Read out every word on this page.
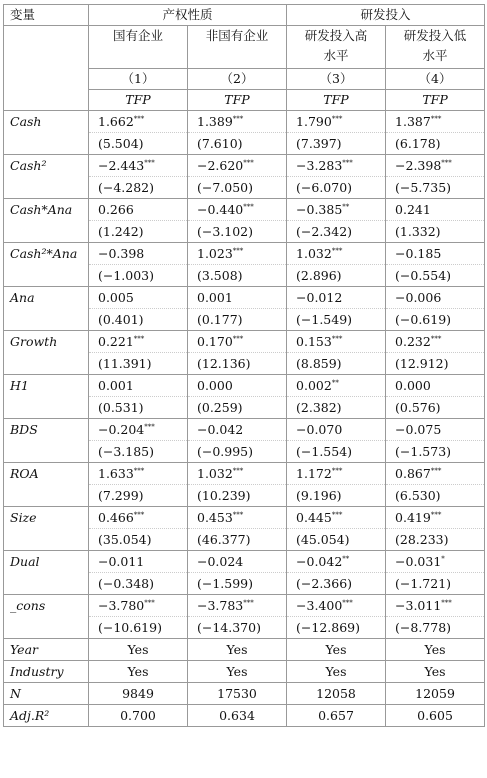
变量	产权性质		研发投入	
	国有企业	非国有企业	研发投入高水平	研发投入低水平
	（1）	（2）	（3）	（4）
	TFP	TFP	TFP	TFP
Cash	1.662***	1.389***	1.790***	1.387***
	(5.504)	(7.610)	(7.397)	(6.178)
Cash²	−2.443***	−2.620***	−3.283***	−2.398***
	(−4.282)	(−7.050)	(−6.070)	(−5.735)
Cash*Ana	0.266	−0.440***	−0.385**	0.241
	(1.242)	(−3.102)	(−2.342)	(1.332)
Cash²*Ana	−0.398	1.023***	1.032***	−0.185
	(−1.003)	(3.508)	(2.896)	(−0.554)
Ana	0.005	0.001	−0.012	−0.006
	(0.401)	(0.177)	(−1.549)	(−0.619)
Growth	0.221***	0.170***	0.153***	0.232***
	(11.391)	(12.136)	(8.859)	(12.912)
H1	0.001	0.000	0.002**	0.000
	(0.531)	(0.259)	(2.382)	(0.576)
BDS	−0.204***	−0.042	−0.070	−0.075
	(−3.185)	(−0.995)	(−1.554)	(−1.573)
ROA	1.633***	1.032***	1.172***	0.867***
	(7.299)	(10.239)	(9.196)	(6.530)
Size	0.466***	0.453***	0.445***	0.419***
	(35.054)	(46.377)	(45.054)	(28.233)
Dual	−0.011	−0.024	−0.042**	−0.031*
	(−0.348)	(−1.599)	(−2.366)	(−1.721)
_cons	−3.780***	−3.783***	−3.400***	−3.011***
	(−10.619)	(−14.370)	(−12.869)	(−8.778)
Year	Yes	Yes	Yes	Yes
Industry	Yes	Yes	Yes	Yes
N	9849	17530	12058	12059
Adj.R²	0.700	0.634	0.657	0.605
